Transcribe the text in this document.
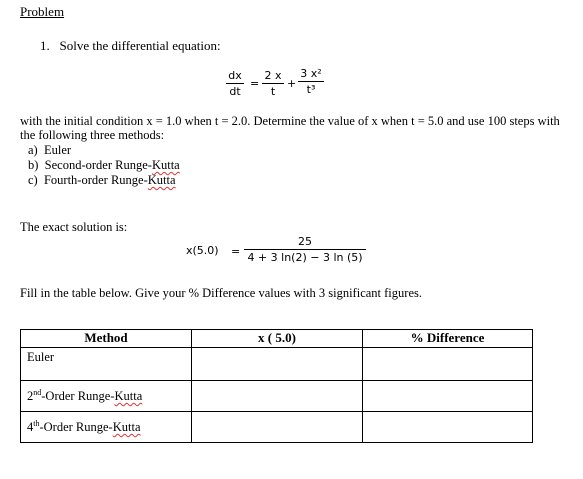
Problem
1. Solve the differential equation:
dx
dt
=
2 x
t
+
3 x²
t³
with the initial condition x = 1.0 when t = 2.0. Determine the value of x when t = 5.0 and use 100 steps with the following three methods:
a) Euler
b) Second-order Runge-Kutta
c) Fourth-order Runge-Kutta
The exact solution is:
x(5.0) =
25
4 + 3 ln(2) − 3 ln (5)
Fill in the table below. Give your % Difference values with 3 significant figures.
Method	x ( 5.0)	% Difference
Euler		
2nd-Order Runge-Kutta		
4th-Order Runge-Kutta		
